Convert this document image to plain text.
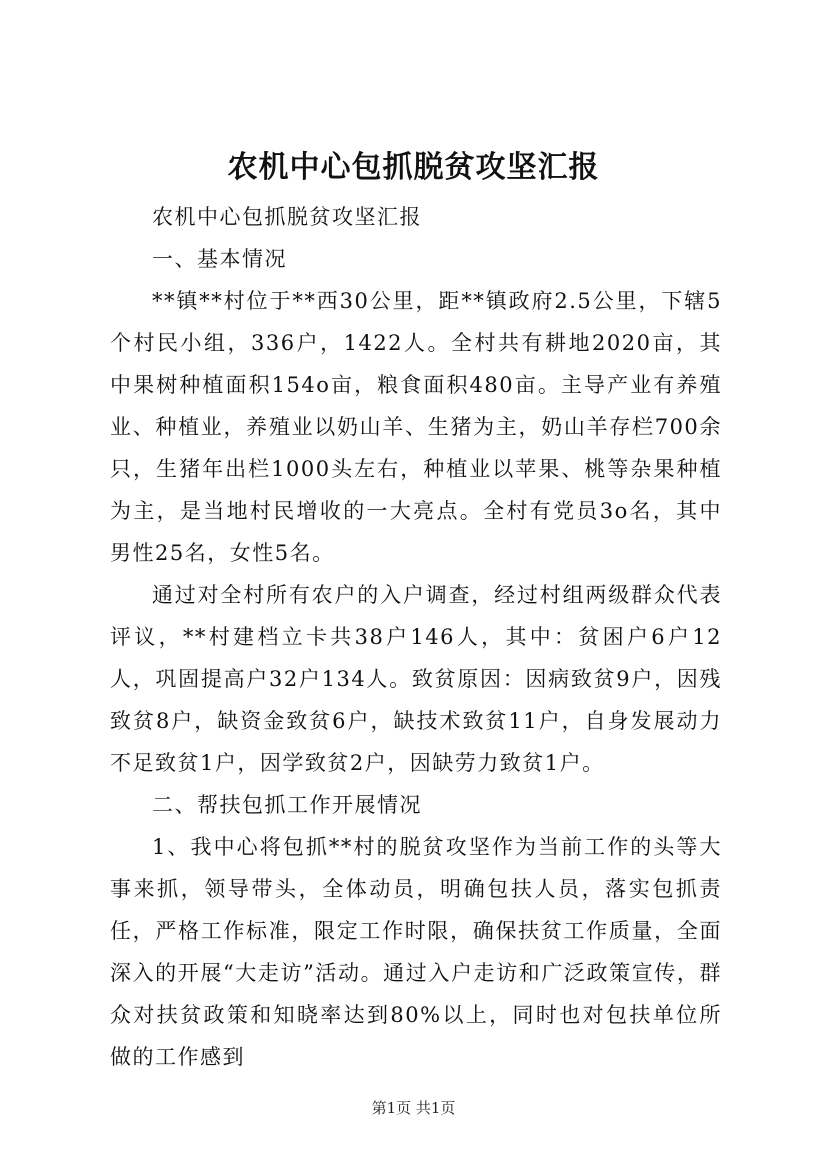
农机中心包抓脱贫攻坚汇报

农机中心包抓脱贫攻坚汇报

一、基本情况

**镇**村位于**西30公里，距**镇政府2.5公里，下辖5个村民小组，336户，1422人。全村共有耕地2020亩，其中果树种植面积154o亩，粮食面积480亩。主导产业有养殖业、种植业，养殖业以奶山羊、生猪为主，奶山羊存栏700余只，生猪年出栏1000头左右，种植业以苹果、桃等杂果种植为主，是当地村民增收的一大亮点。全村有党员3o名，其中男性25名，女性5名。

通过对全村所有农户的入户调查，经过村组两级群众代表评议，**村建档立卡共38户146人，其中：贫困户6户12人，巩固提高户32户134人。致贫原因：因病致贫9户，因残致贫8户，缺资金致贫6户，缺技术致贫11户，自身发展动力不足致贫1户，因学致贫2户，因缺劳力致贫1户。

二、帮扶包抓工作开展情况

1、我中心将包抓**村的脱贫攻坚作为当前工作的头等大事来抓，领导带头，全体动员，明确包扶人员，落实包抓责任，严格工作标准，限定工作时限，确保扶贫工作质量，全面深入的开展“大走访”活动。通过入户走访和广泛政策宣传，群众对扶贫政策和知晓率达到80%以上，同时也对包扶单位所做的工作感到

第1页 共1页
